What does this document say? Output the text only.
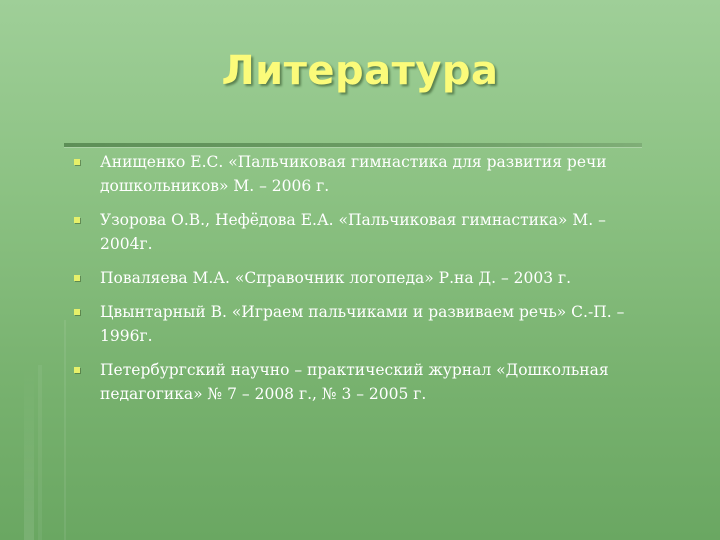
Литература
Анищенко Е.С. «Пальчиковая гимнастика для развития речи дошкольников» М. – 2006 г.
Узорова О.В., Нефёдова Е.А. «Пальчиковая гимнастика» М. – 2004г.
Поваляева М.А. «Справочник логопеда» Р.на Д. – 2003 г.
Цвынтарный В. «Играем пальчиками и развиваем речь» С.-П. – 1996г.
Петербургский научно – практический журнал «Дошкольная педагогика» № 7 – 2008 г., № 3 – 2005 г.
